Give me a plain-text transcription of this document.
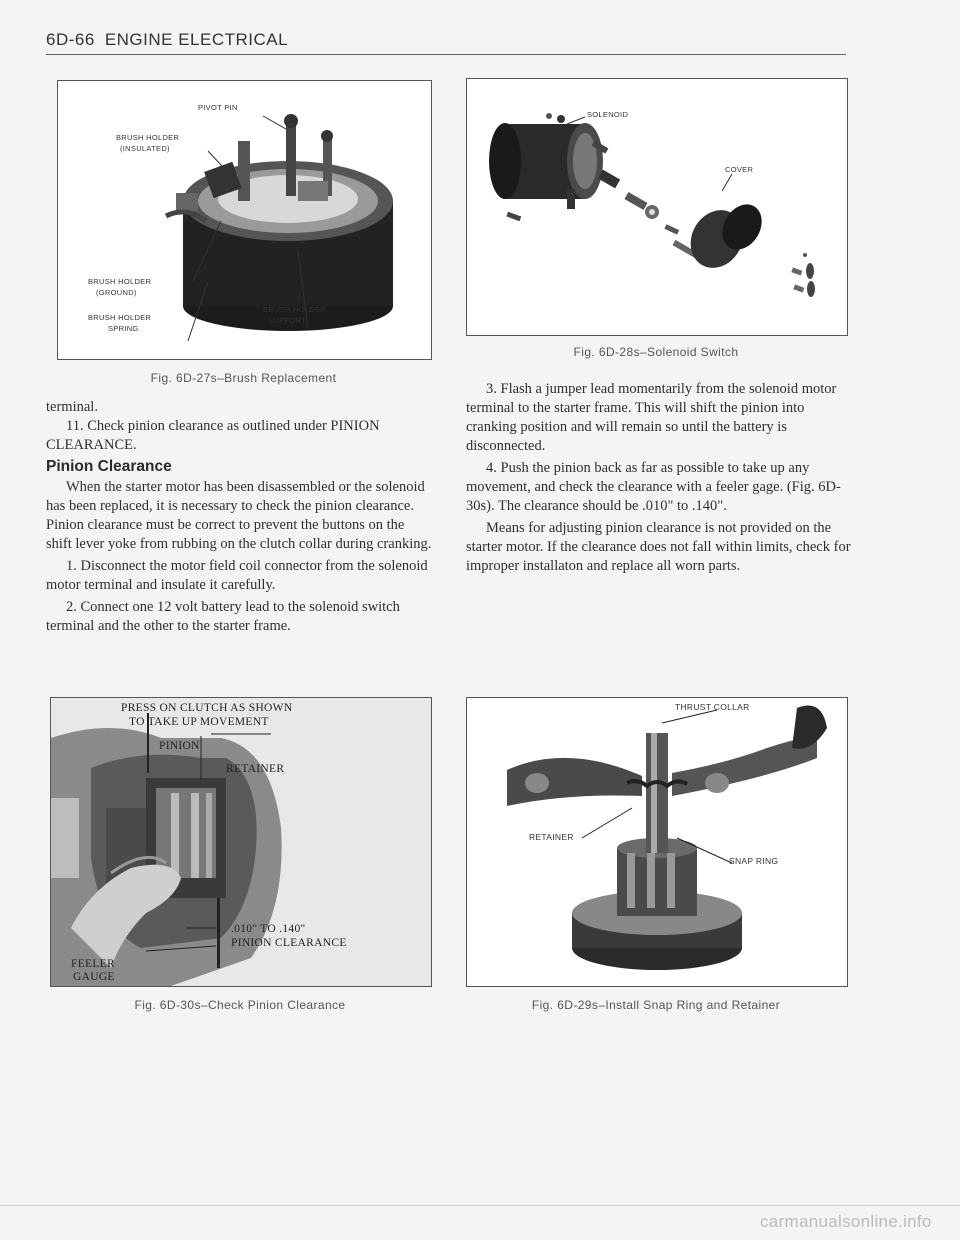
6D-66 ENGINE ELECTRICAL
PIVOT PIN
BRUSH HOLDER
(INSULATED)
BRUSH HOLDER
(GROUND)
BRUSH HOLDER
SPRING
BRUSH HOLDER
SUPPORT
Fig. 6D-27s–Brush Replacement
SOLENOID
COVER
Fig. 6D-28s–Solenoid Switch

terminal.

11. Check pinion clearance as outlined under PINION CLEARANCE.

Pinion Clearance

When the starter motor has been disassembled or the solenoid has been replaced, it is necessary to check the pinion clearance. Pinion clearance must be correct to prevent the buttons on the shift lever yoke from rubbing on the clutch collar during cranking.

1. Disconnect the motor field coil connector from the solenoid motor terminal and insulate it carefully.

2. Connect one 12 volt battery lead to the solenoid switch terminal and the other to the starter frame.

3. Flash a jumper lead momentarily from the solenoid motor terminal to the starter frame. This will shift the pinion into cranking position and will remain so until the battery is disconnected.

4. Push the pinion back as far as possible to take up any movement, and check the clearance with a feeler gage. (Fig. 6D-30s). The clearance should be .010" to .140".

Means for adjusting pinion clearance is not provided on the starter motor. If the clearance does not fall within limits, check for improper installaton and replace all worn parts.

PRESS ON CLUTCH AS SHOWN
TO TAKE UP MOVEMENT
PINION
RETAINER
.010" TO .140"
PINION CLEARANCE
FEELER
GAUGE
Fig. 6D-30s–Check Pinion Clearance
THRUST COLLAR
RETAINER
SNAP RING
Fig. 6D-29s–Install Snap Ring and Retainer
carmanualsonline.info
